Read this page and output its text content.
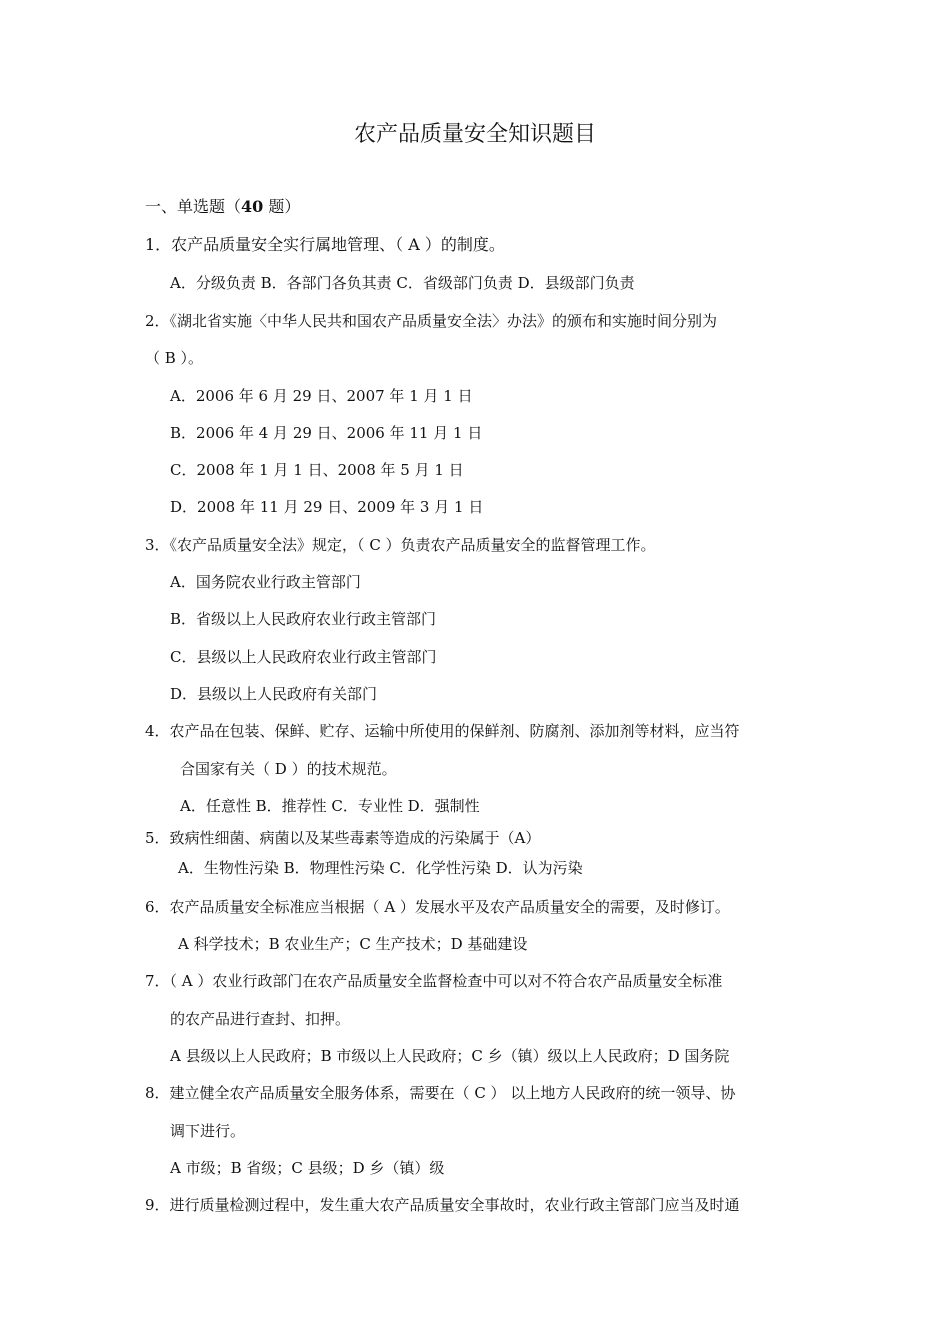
农产品质量安全知识题目
一、单选题（40 题）
1．农产品质量安全实行属地管理、（ A ）的制度。
A．分级负责 B．各部门各负其责 C．省级部门负责 D．县级部门负责
2．《湖北省实施〈中华人民共和国农产品质量安全法〉办法》的颁布和实施时间分别为
（ B ）。
A．2006 年 6 月 29 日、2007 年 1 月 1 日
B．2006 年 4 月 29 日、2006 年 11 月 1 日
C．2008 年 1 月 1 日、2008 年 5 月 1 日
D．2008 年 11 月 29 日、2009 年 3 月 1 日
3．《农产品质量安全法》规定，（ C ）负责农产品质量安全的监督管理工作。
A．国务院农业行政主管部门
B．省级以上人民政府农业行政主管部门
C．县级以上人民政府农业行政主管部门
D．县级以上人民政府有关部门
4．农产品在包装、保鲜、贮存、运输中所使用的保鲜剂、防腐剂、添加剂等材料，应当符
合国家有关（ D ）的技术规范。
A．任意性 B．推荐性 C．专业性 D．强制性
5．致病性细菌、病菌以及某些毒素等造成的污染属于（A）
A．生物性污染 B．物理性污染 C．化学性污染 D．认为污染
6．农产品质量安全标准应当根据（ A ）发展水平及农产品质量安全的需要，及时修订。
A 科学技术；B 农业生产；C 生产技术；D 基础建设
7．（ A ）农业行政部门在农产品质量安全监督检查中可以对不符合农产品质量安全标准
的农产品进行查封、扣押。
A 县级以上人民政府；B 市级以上人民政府；C 乡（镇）级以上人民政府；D 国务院
8．建立健全农产品质量安全服务体系，需要在（ C ） 以上地方人民政府的统一领导、协
调下进行。
A 市级；B 省级；C 县级；D 乡（镇）级
9．进行质量检测过程中，发生重大农产品质量安全事故时，农业行政主管部门应当及时通
